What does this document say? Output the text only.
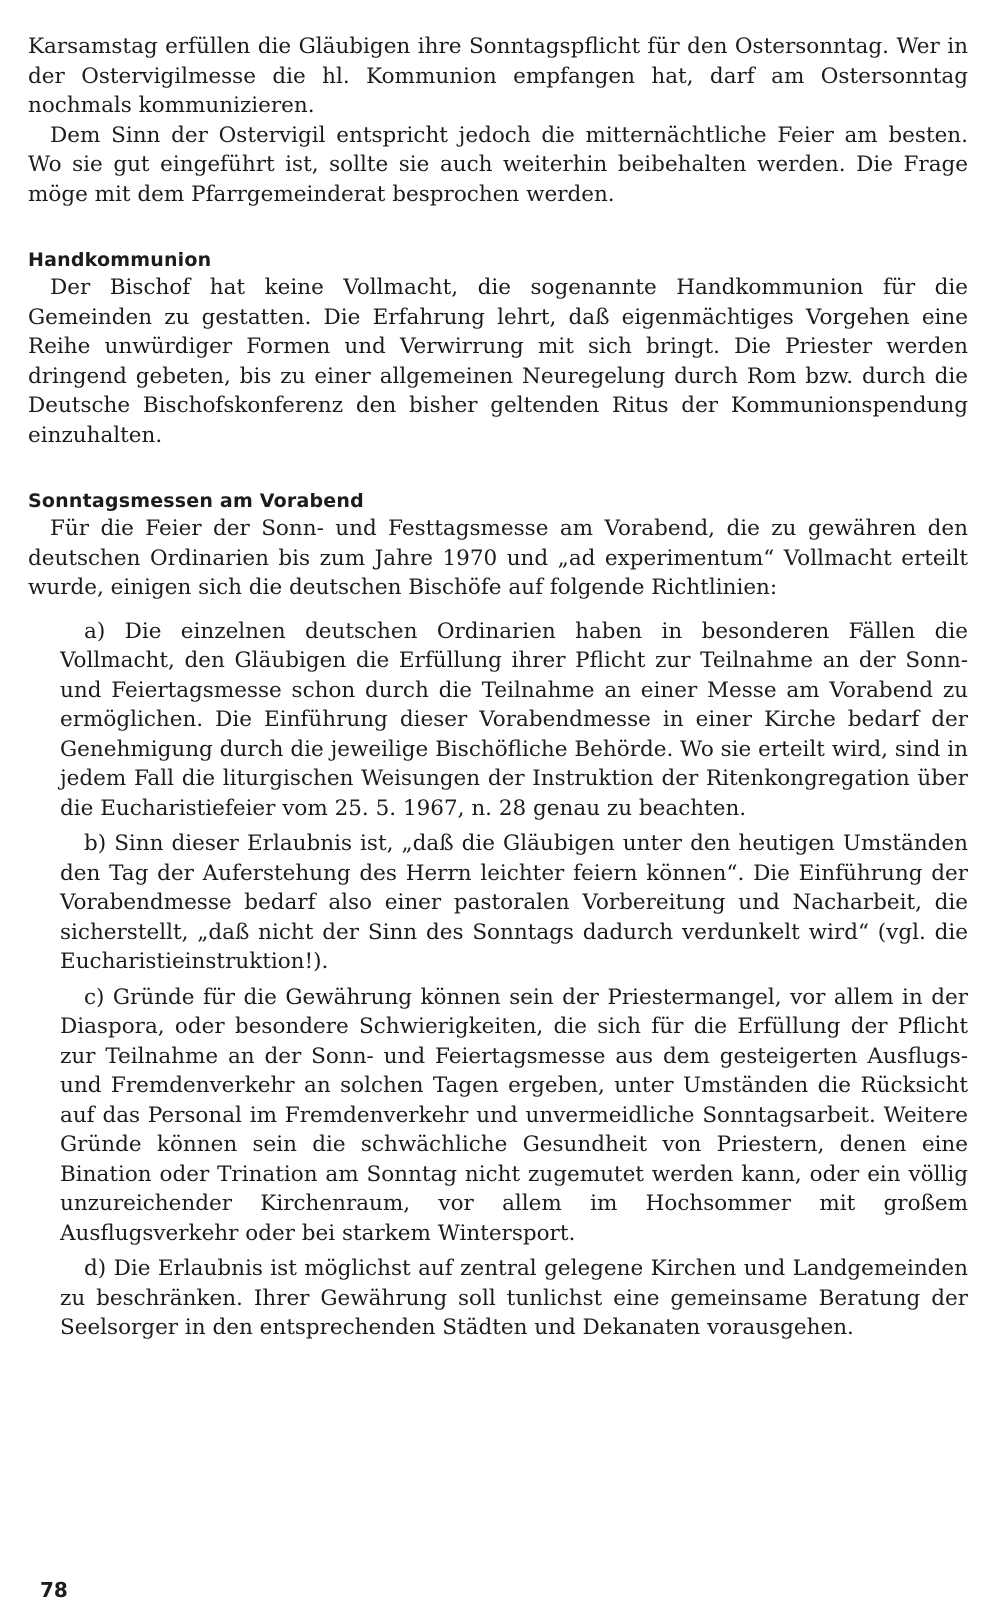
Karsamstag erfüllen die Gläubigen ihre Sonntagspflicht für den Ostersonntag. Wer in der Ostervigilmesse die hl. Kommunion empfangen hat, darf am Ostersonntag nochmals kommunizieren.

Dem Sinn der Ostervigil entspricht jedoch die mitternächtliche Feier am besten. Wo sie gut eingeführt ist, sollte sie auch weiterhin beibehalten werden. Die Frage möge mit dem Pfarrgemeinderat besprochen werden.

Handkommunion

Der Bischof hat keine Vollmacht, die sogenannte Handkommunion für die Gemeinden zu gestatten. Die Erfahrung lehrt, daß eigenmächtiges Vorgehen eine Reihe unwürdiger Formen und Verwirrung mit sich bringt. Die Priester werden dringend gebeten, bis zu einer allgemeinen Neuregelung durch Rom bzw. durch die Deutsche Bischofskonferenz den bisher geltenden Ritus der Kommunionspendung einzuhalten.

Sonntagsmessen am Vorabend

Für die Feier der Sonn- und Festtagsmesse am Vorabend, die zu gewähren den deutschen Ordinarien bis zum Jahre 1970 und „ad experimentum“ Vollmacht erteilt wurde, einigen sich die deutschen Bischöfe auf folgende Richtlinien:

a) Die einzelnen deutschen Ordinarien haben in besonderen Fällen die Vollmacht, den Gläubigen die Erfüllung ihrer Pflicht zur Teilnahme an der Sonn- und Feiertagsmesse schon durch die Teilnahme an einer Messe am Vorabend zu ermöglichen. Die Einführung dieser Vorabendmesse in einer Kirche bedarf der Genehmigung durch die jeweilige Bischöfliche Behörde. Wo sie erteilt wird, sind in jedem Fall die liturgischen Weisungen der Instruktion der Ritenkongregation über die Eucharistiefeier vom 25. 5. 1967, n. 28 genau zu beachten.

b) Sinn dieser Erlaubnis ist, „daß die Gläubigen unter den heutigen Umständen den Tag der Auferstehung des Herrn leichter feiern können“. Die Einführung der Vorabendmesse bedarf also einer pastoralen Vorbereitung und Nacharbeit, die sicherstellt, „daß nicht der Sinn des Sonntags dadurch verdunkelt wird“ (vgl. die Eucharistieinstruktion!).

c) Gründe für die Gewährung können sein der Priestermangel, vor allem in der Diaspora, oder besondere Schwierigkeiten, die sich für die Erfüllung der Pflicht zur Teilnahme an der Sonn- und Feiertagsmesse aus dem gesteigerten Ausflugs- und Fremdenverkehr an solchen Tagen ergeben, unter Umständen die Rücksicht auf das Personal im Fremdenverkehr und unvermeidliche Sonntagsarbeit. Weitere Gründe können sein die schwächliche Gesundheit von Priestern, denen eine Bination oder Trination am Sonntag nicht zugemutet werden kann, oder ein völlig unzureichender Kirchenraum, vor allem im Hochsommer mit großem Ausflugsverkehr oder bei starkem Wintersport.

d) Die Erlaubnis ist möglichst auf zentral gelegene Kirchen und Landgemeinden zu beschränken. Ihrer Gewährung soll tunlichst eine gemeinsame Beratung der Seelsorger in den entsprechenden Städten und Dekanaten vorausgehen.

78
